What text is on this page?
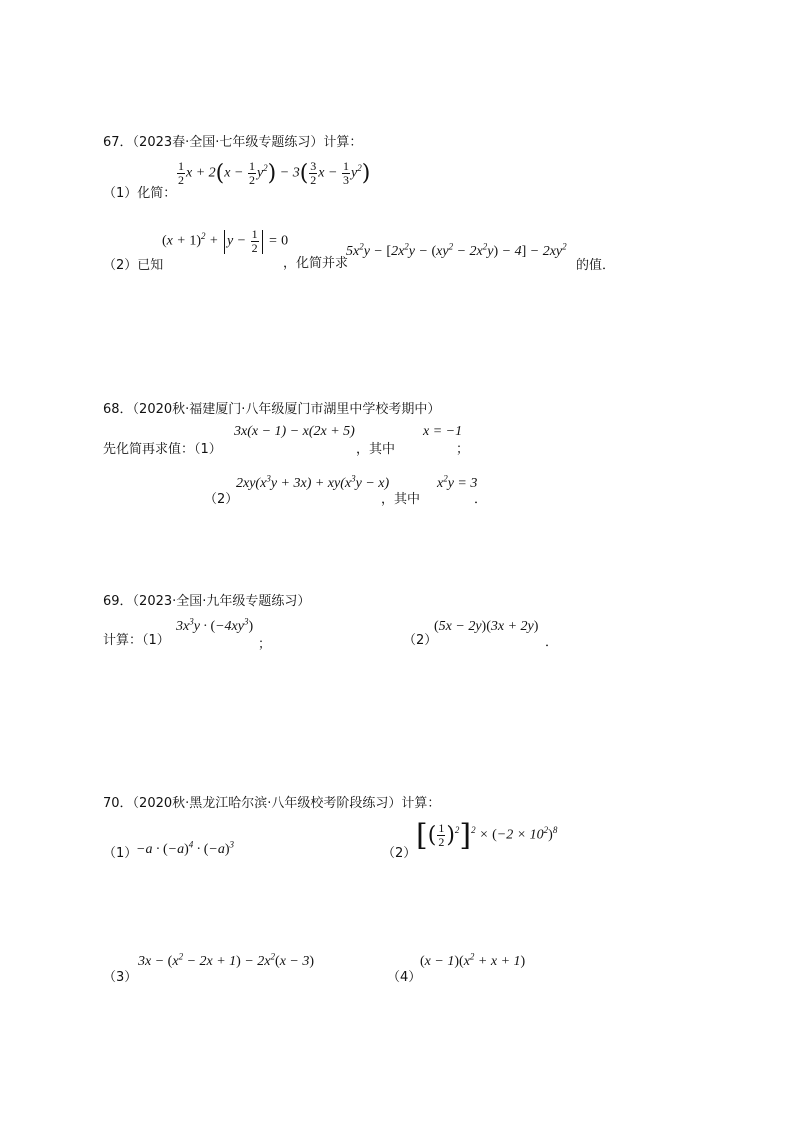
67．（2023春·全国·七年级专题练习）计算：
（1）化简：
$\frac{1}{2}$ $x + 2(x - \frac{1}{2} y^2) - 3( \frac{3}{2}$ $x - \frac{1}{3} y^2$)
（2）已知
$(x + 1)^2 + y - \frac{1}{2} = 0$
，化简并求
$5x^2y - [2x^2y - (xy^2 - 2x^2y) - 4] - 2xy^2$
的值．
68．（2020秋·福建厦门·八年级厦门市湖里中学校考期中）
先化简再求值：（1）
3x(x − 1) − x(2x + 5)
，其中
x = −1
；
（2）
$2xy(x^3y + 3x) + xy(x^3y - x)$
，其中
$x^2y = 3$
．
69．（2023·全国·九年级专题练习）
计算：（1）
$3x^3y \cdot (-4xy^3)$
；	（2）
(5x − 2y)(3x + 2y)
．
70．（2020秋·黑龙江哈尔滨·八年级校考阶段练习）计算：
（1）
$-a \cdot (-a)^4 \cdot (-a)^3$
（2）
[( $\frac{1}{2} )^2]^2 \times (-2 \times 10^2)^8$
（3）
$3x - (x^2 - 2x + 1) - 2x^2(x - 3)$
（4）
$(x - 1)(x^2 + x + 1)$
